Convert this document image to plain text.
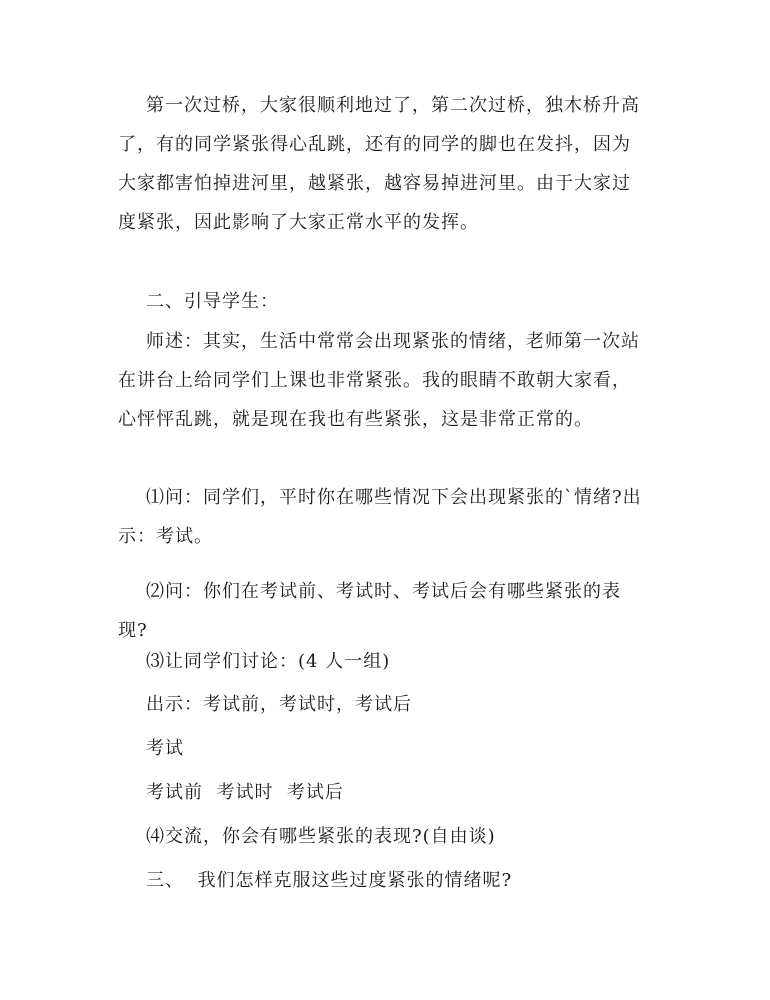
第一次过桥，大家很顺利地过了，第二次过桥，独木桥升高了，有的同学紧张得心乱跳，还有的同学的脚也在发抖，因为大家都害怕掉进河里，越紧张，越容易掉进河里。由于大家过度紧张，因此影响了大家正常水平的发挥。

二、引导学生：

师述：其实，生活中常常会出现紧张的情绪，老师第一次站在讲台上给同学们上课也非常紧张。我的眼睛不敢朝大家看，心怦怦乱跳，就是现在我也有些紧张，这是非常正常的。

⑴问：同学们，平时你在哪些情况下会出现紧张的`情绪?出示：考试。

⑵问：你们在考试前、考试时、考试后会有哪些紧张的表现?

⑶让同学们讨论：(4 人一组)

出示：考试前，考试时，考试后

考试

考试前  考试时  考试后

⑷交流，你会有哪些紧张的表现?(自由谈)

三、  我们怎样克服这些过度紧张的情绪呢?
